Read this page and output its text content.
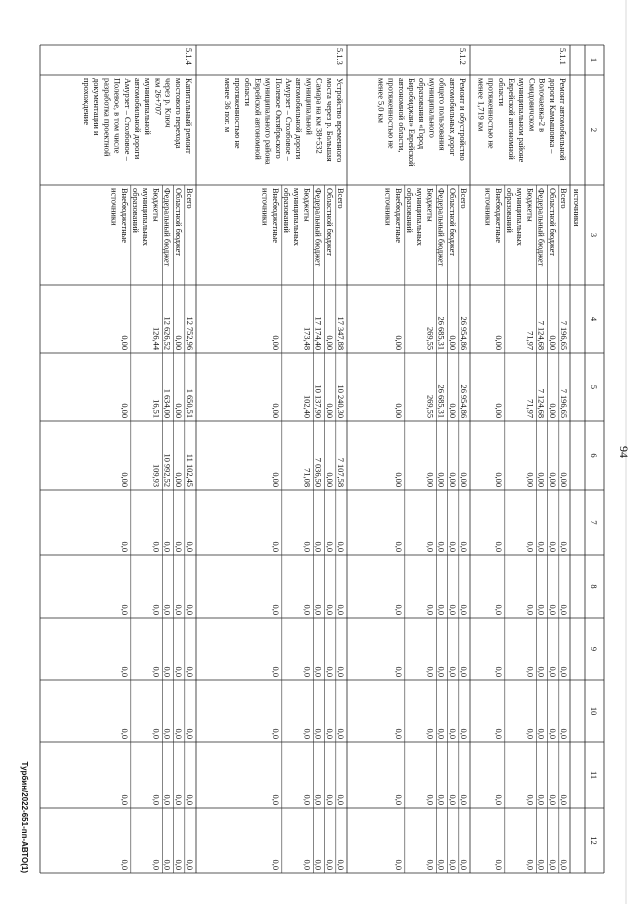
1
2
3
4
5
6
7
8
9
10
11
12
источники
5.1.1
Ремонт автомобильной
дороги Камышовка –
Волочаевка-2 в
Смидовичском
муниципальном районе
Еврейской автономной
области
протяженностью не
менее 1,719 км
Всего
7 196,65
7 196,65
0,00
0,0
0,0
0,0
0,0
0,0
0,0
Областной бюджет
0,00
0,00
0,00
0,0
0,0
0,0
0,0
0,0
0,0
Федеральный бюджет
7 124,68
7 124,68
0,00
0,0
0,0
0,0
0,0
0,0
0,0
Бюджеты
муниципальных
образований
71,97
71,97
0,00
0,0
0,0
0,0
0,0
0,0
0,0
Внебюджетные
источники
0,00
0,00
0,00
0,0
0,0
0,0
0,0
0,0
0,0
5.1.2
Ремонт и обустройство
автомобильных дорог
общего пользования
муниципального
образования «Город
Биробиджан» Еврейской
автономной области,
протяженностью не
менее 5,0 км
Всего
26 954,86
26 954,86
0,00
0,0
0,0
0,0
0,0
0,0
0,0
Областной бюджет
0,00
0,00
0,00
0,0
0,0
0,0
0,0
0,0
0,0
Федеральный бюджет
26 685,31
26 685,31
0,00
0,0
0,0
0,0
0,0
0,0
0,0
Бюджеты
муниципальных
образований
269,55
269,55
0,00
0,0
0,0
0,0
0,0
0,0
0,0
Внебюджетные
источники
0,00
0,00
0,00
0,0
0,0
0,0
0,0
0,0
0,0
5.1.3
Устройство временного
моста через р. Большая
Самара на км 38+532
муниципальной
автомобильной дороги
Амурзет – Столбовое –
Полевое Октябрьского
муниципального района
Еврейской автономной
области
протяженностью не
менее 36 пог. м
Всего
17 347,88
10 240,30
7 107,58
0,0
0,0
0,0
0,0
0,0
0,0
Областной бюджет
0,00
0,00
0,00
0,0
0,0
0,0
0,0
0,0
0,0
Федеральный бюджет
17 174,40
10 137,90
7 036,50
0,0
0,0
0,0
0,0
0,0
0,0
Бюджеты
муниципальных
образований
173,48
102,40
71,08
0,0
0,0
0,0
0,0
0,0
0,0
Внебюджетные
источники
0,00
0,00
0,00
0,0
0,0
0,0
0,0
0,0
0,0
5.1.4
Капитальный ремонт
мостового перехода
через р. Ключ
км 26+707
муниципальной
автомобильной дороги
Амурзет – Столбовое –
Полевое, в том числе
разработка проектной
документации и
прохождение
Всего
12 752,96
1 650,51
11 102,45
0,0
0,0
0,0
0,0
0,0
0,0
Областной бюджет
0,00
0,00
0,00
0,0
0,0
0,0
0,0
0,0
0,0
Федеральный бюджет
12 626,52
1 634,00
10 992,52
0,0
0,0
0,0
0,0
0,0
0,0
Бюджеты
муниципальных
образований
126,44
16,51
109,93
0,0
0,0
0,0
0,0
0,0
0,0
Внебюджетные
источники
0,00
0,00
0,00
0,0
0,0
0,0
0,0
0,0
0,0
94
Турбин/2022-651-пп-АВТО(1)
